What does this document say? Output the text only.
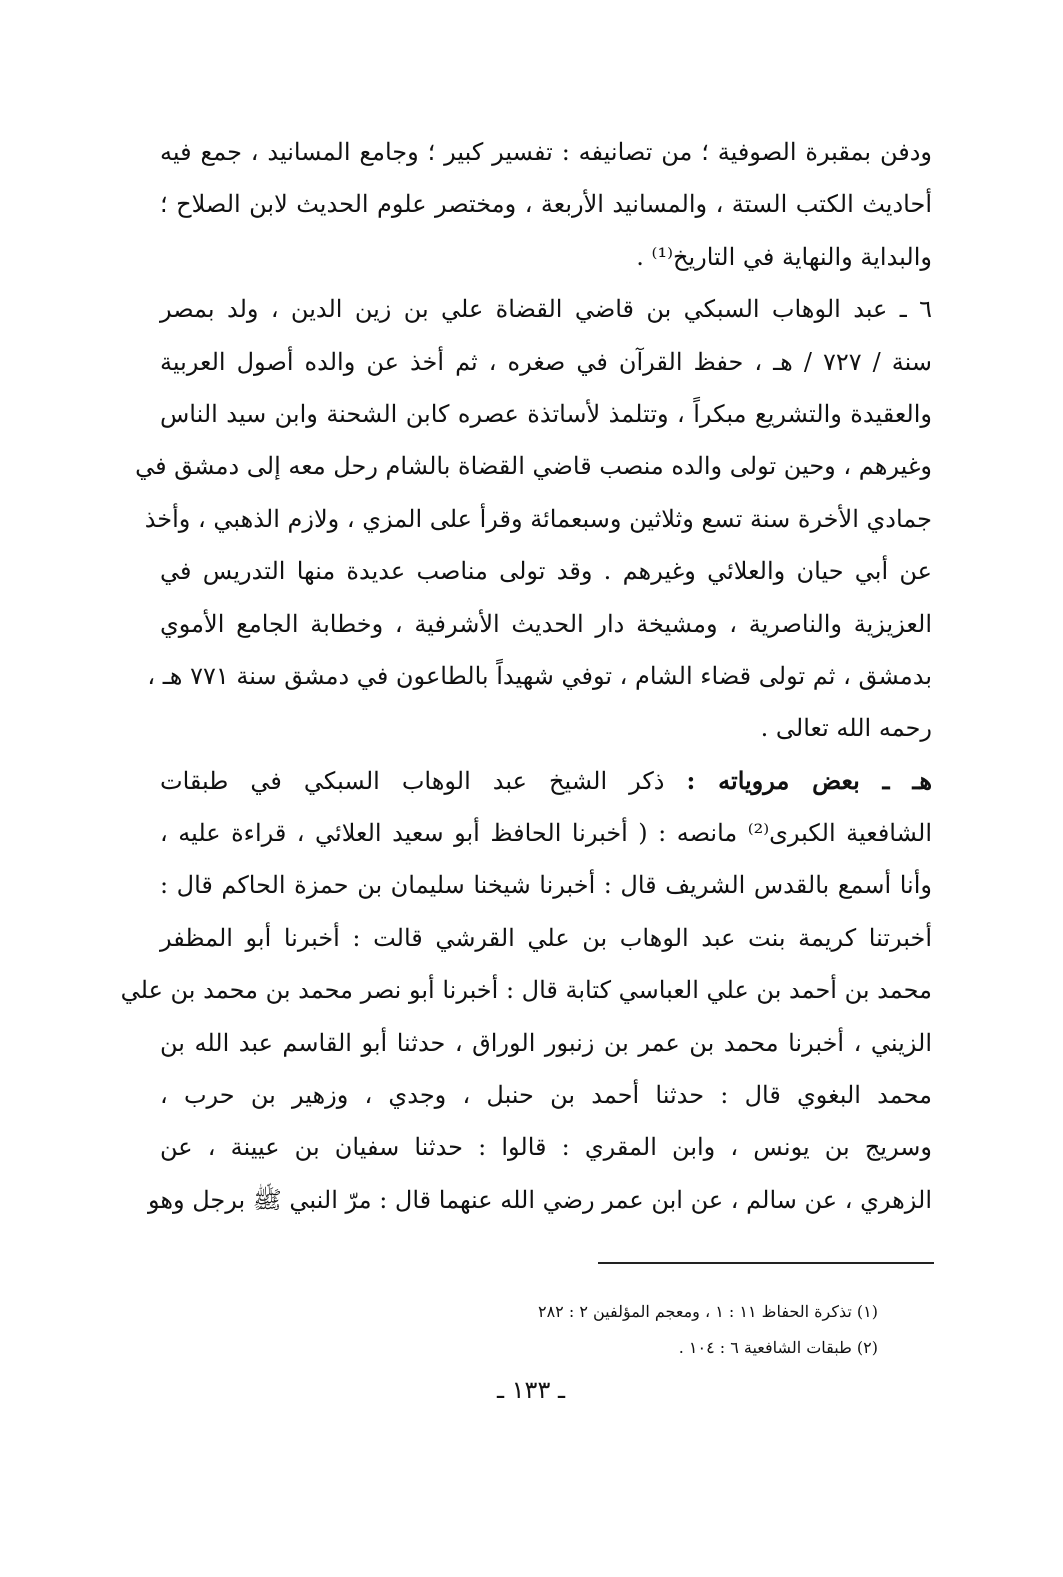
ودفن بمقبرة الصوفية ؛ من تصانيفه : تفسير كبير ؛ وجامع المسانيد ، جمع فيه
أحاديث الكتب الستة ، والمسانيد الأربعة ، ومختصر علوم الحديث لابن الصلاح ؛
والبداية والنهاية في التاريخ⁽¹⁾ .
٦ ـ عبد الوهاب السبكي بن قاضي القضاة علي بن زين الدين ، ولد بمصر
سنة / ٧٢٧ / هـ ، حفظ القرآن في صغره ، ثم أخذ عن والده أصول العربية
والعقيدة والتشريع مبكراً ، وتتلمذ لأساتذة عصره كابن الشحنة وابن سيد الناس
وغيرهم ، وحين تولى والده منصب قاضي القضاة بالشام رحل معه إلى دمشق في
جمادي الأخرة سنة تسع وثلاثين وسبعمائة وقرأ على المزي ، ولازم الذهبي ، وأخذ
عن أبي حيان والعلائي وغيرهم . وقد تولى مناصب عديدة منها التدريس في
العزيزية والناصرية ، ومشيخة دار الحديث الأشرفية ، وخطابة الجامع الأموي
بدمشق ، ثم تولى قضاء الشام ، توفي شهيداً بالطاعون في دمشق سنة ٧٧١ هـ ،
رحمه الله تعالى .
هـ ـ بعض مروياته : ذكر الشيخ عبد الوهاب السبكي في طبقات
الشافعية الكبرى⁽²⁾ مانصه : ( أخبرنا الحافظ أبو سعيد العلائي ، قراءة عليه ،
وأنا أسمع بالقدس الشريف قال : أخبرنا شيخنا سليمان بن حمزة الحاكم قال :
أخبرتنا كريمة بنت عبد الوهاب بن علي القرشي قالت : أخبرنا أبو المظفر
محمد بن أحمد بن علي العباسي كتابة قال : أخبرنا أبو نصر محمد بن محمد بن علي
الزيني ، أخبرنا محمد بن عمر بن زنبور الوراق ، حدثنا أبو القاسم عبد الله بن
محمد البغوي قال : حدثنا أحمد بن حنبل ، وجدي ، وزهير بن حرب ،
وسريج بن يونس ، وابن المقري : قالوا : حدثنا سفيان بن عيينة ، عن
الزهري ، عن سالم ، عن ابن عمر رضي الله عنهما قال : مرّ النبي ﷺ برجل وهو
(١) تذكرة الحفاظ ١١ : ١ ، ومعجم المؤلفين ٢ : ٢٨٢
(٢) طبقات الشافعية ٦ : ١٠٤ .
ـ ١٣٣ ـ
